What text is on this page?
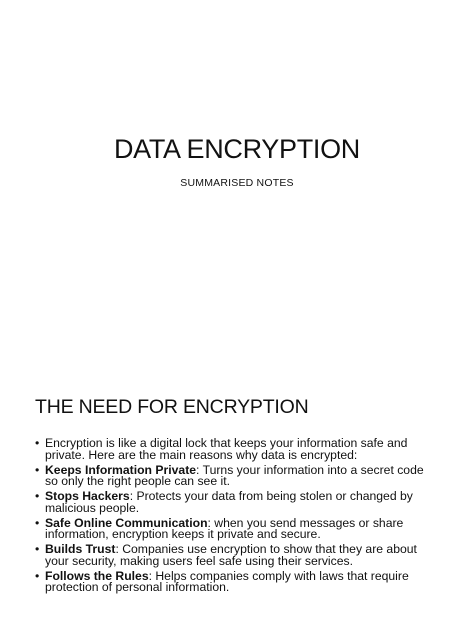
DATA ENCRYPTION
SUMMARISED NOTES
THE NEED FOR ENCRYPTION
• Encryption is like a digital lock that keeps your information safe and private. Here are the main reasons why data is encrypted:
• Keeps Information Private: Turns your information into a secret code so only the right people can see it.
• Stops Hackers: Protects your data from being stolen or changed by malicious people.
• Safe Online Communication: when you send messages or share information, encryption keeps it private and secure.
• Builds Trust: Companies use encryption to show that they are about your security, making users feel safe using their services.
• Follows the Rules: Helps companies comply with laws that require protection of personal information.
